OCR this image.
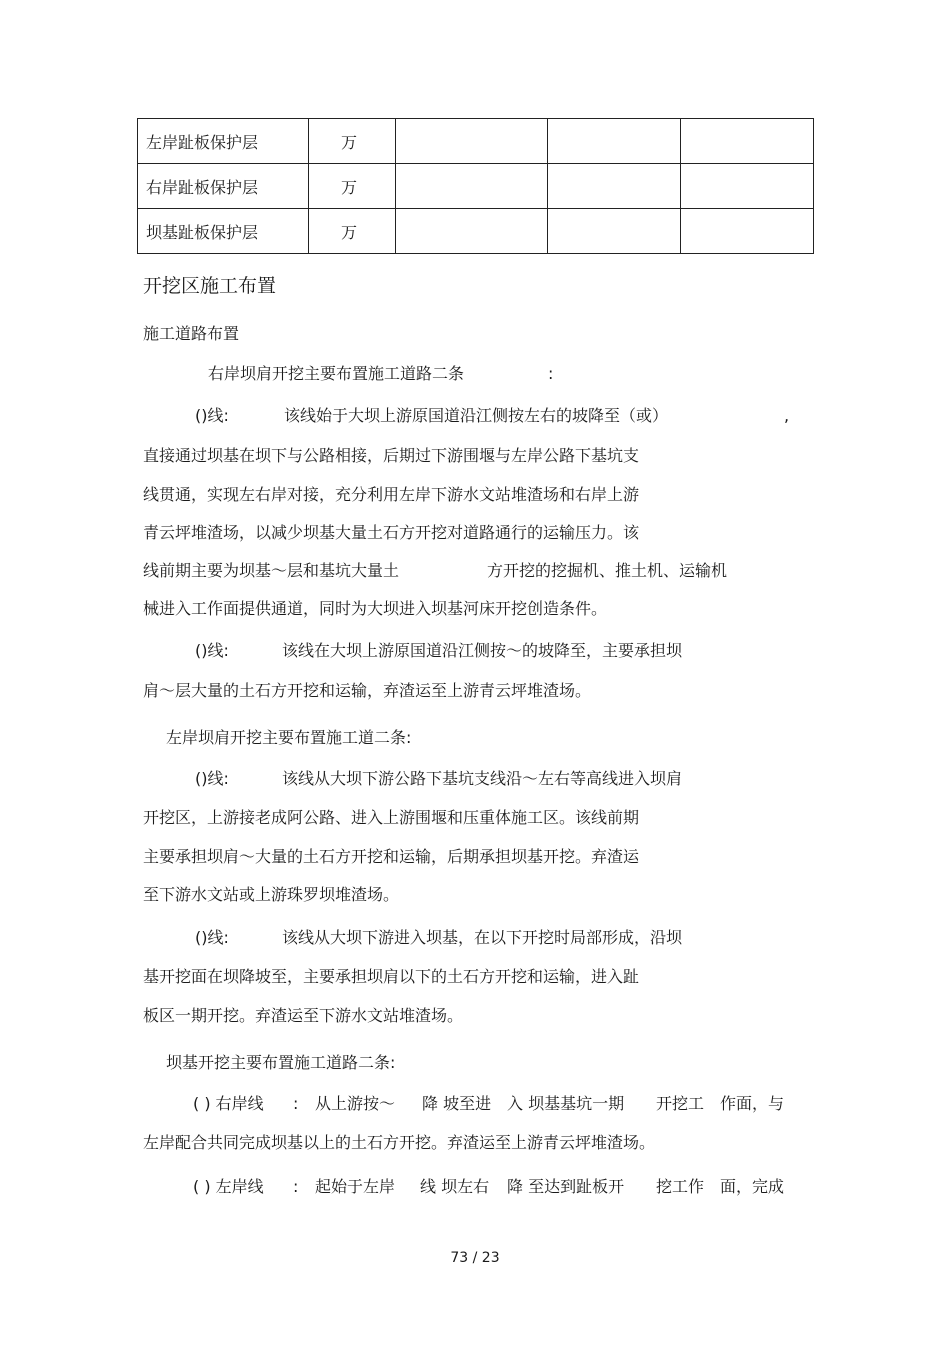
左岸趾板保护层	万			
右岸趾板保护层	万			
坝基趾板保护层	万			
开挖区施工布置
施工道路布置
右岸坝肩开挖主要布置施工道路二条	:
()线:	该线始于大坝上游原国道沿江侧按左右的坡降至（或）	,
直接通过坝基在坝下与公路相接，后期过下游围堰与左岸公路下基坑支
线贯通，实现左右岸对接，充分利用左岸下游水文站堆渣场和右岸上游
青云坪堆渣场，以减少坝基大量土石方开挖对道路通行的运输压力。该
线前期主要为坝基～层和基坑大量土	方开挖的挖掘机、推土机、运输机
械进入工作面提供通道，同时为大坝进入坝基河床开挖创造条件。
()线:	该线在大坝上游原国道沿江侧按～的坡降至，主要承担坝
肩～层大量的土石方开挖和运输，弃渣运至上游青云坪堆渣场。
左岸坝肩开挖主要布置施工道二条:
()线:	该线从大坝下游公路下基坑支线沿～左右等高线进入坝肩
开挖区，上游接老成阿公路、进入上游围堰和压重体施工区。该线前期
主要承担坝肩～大量的土石方开挖和运输，后期承担坝基开挖。弃渣运
至下游水文站或上游珠罗坝堆渣场。
()线:	该线从大坝下游进入坝基，在以下开挖时局部形成，沿坝
基开挖面在坝降坡至，主要承担坝肩以下的土石方开挖和运输，进入趾
板区一期开挖。弃渣运至下游水文站堆渣场。
坝基开挖主要布置施工道路二条:
( ) 右岸线 : 从上游按～ 降 坡至进 入 坝基基坑一期 开挖工 作面，与
左岸配合共同完成坝基以上的土石方开挖。弃渣运至上游青云坪堆渣场。
( ) 左岸线 : 起始于左岸 线 坝左右 降 至达到趾板开 挖工作 面，完成
73 / 23
